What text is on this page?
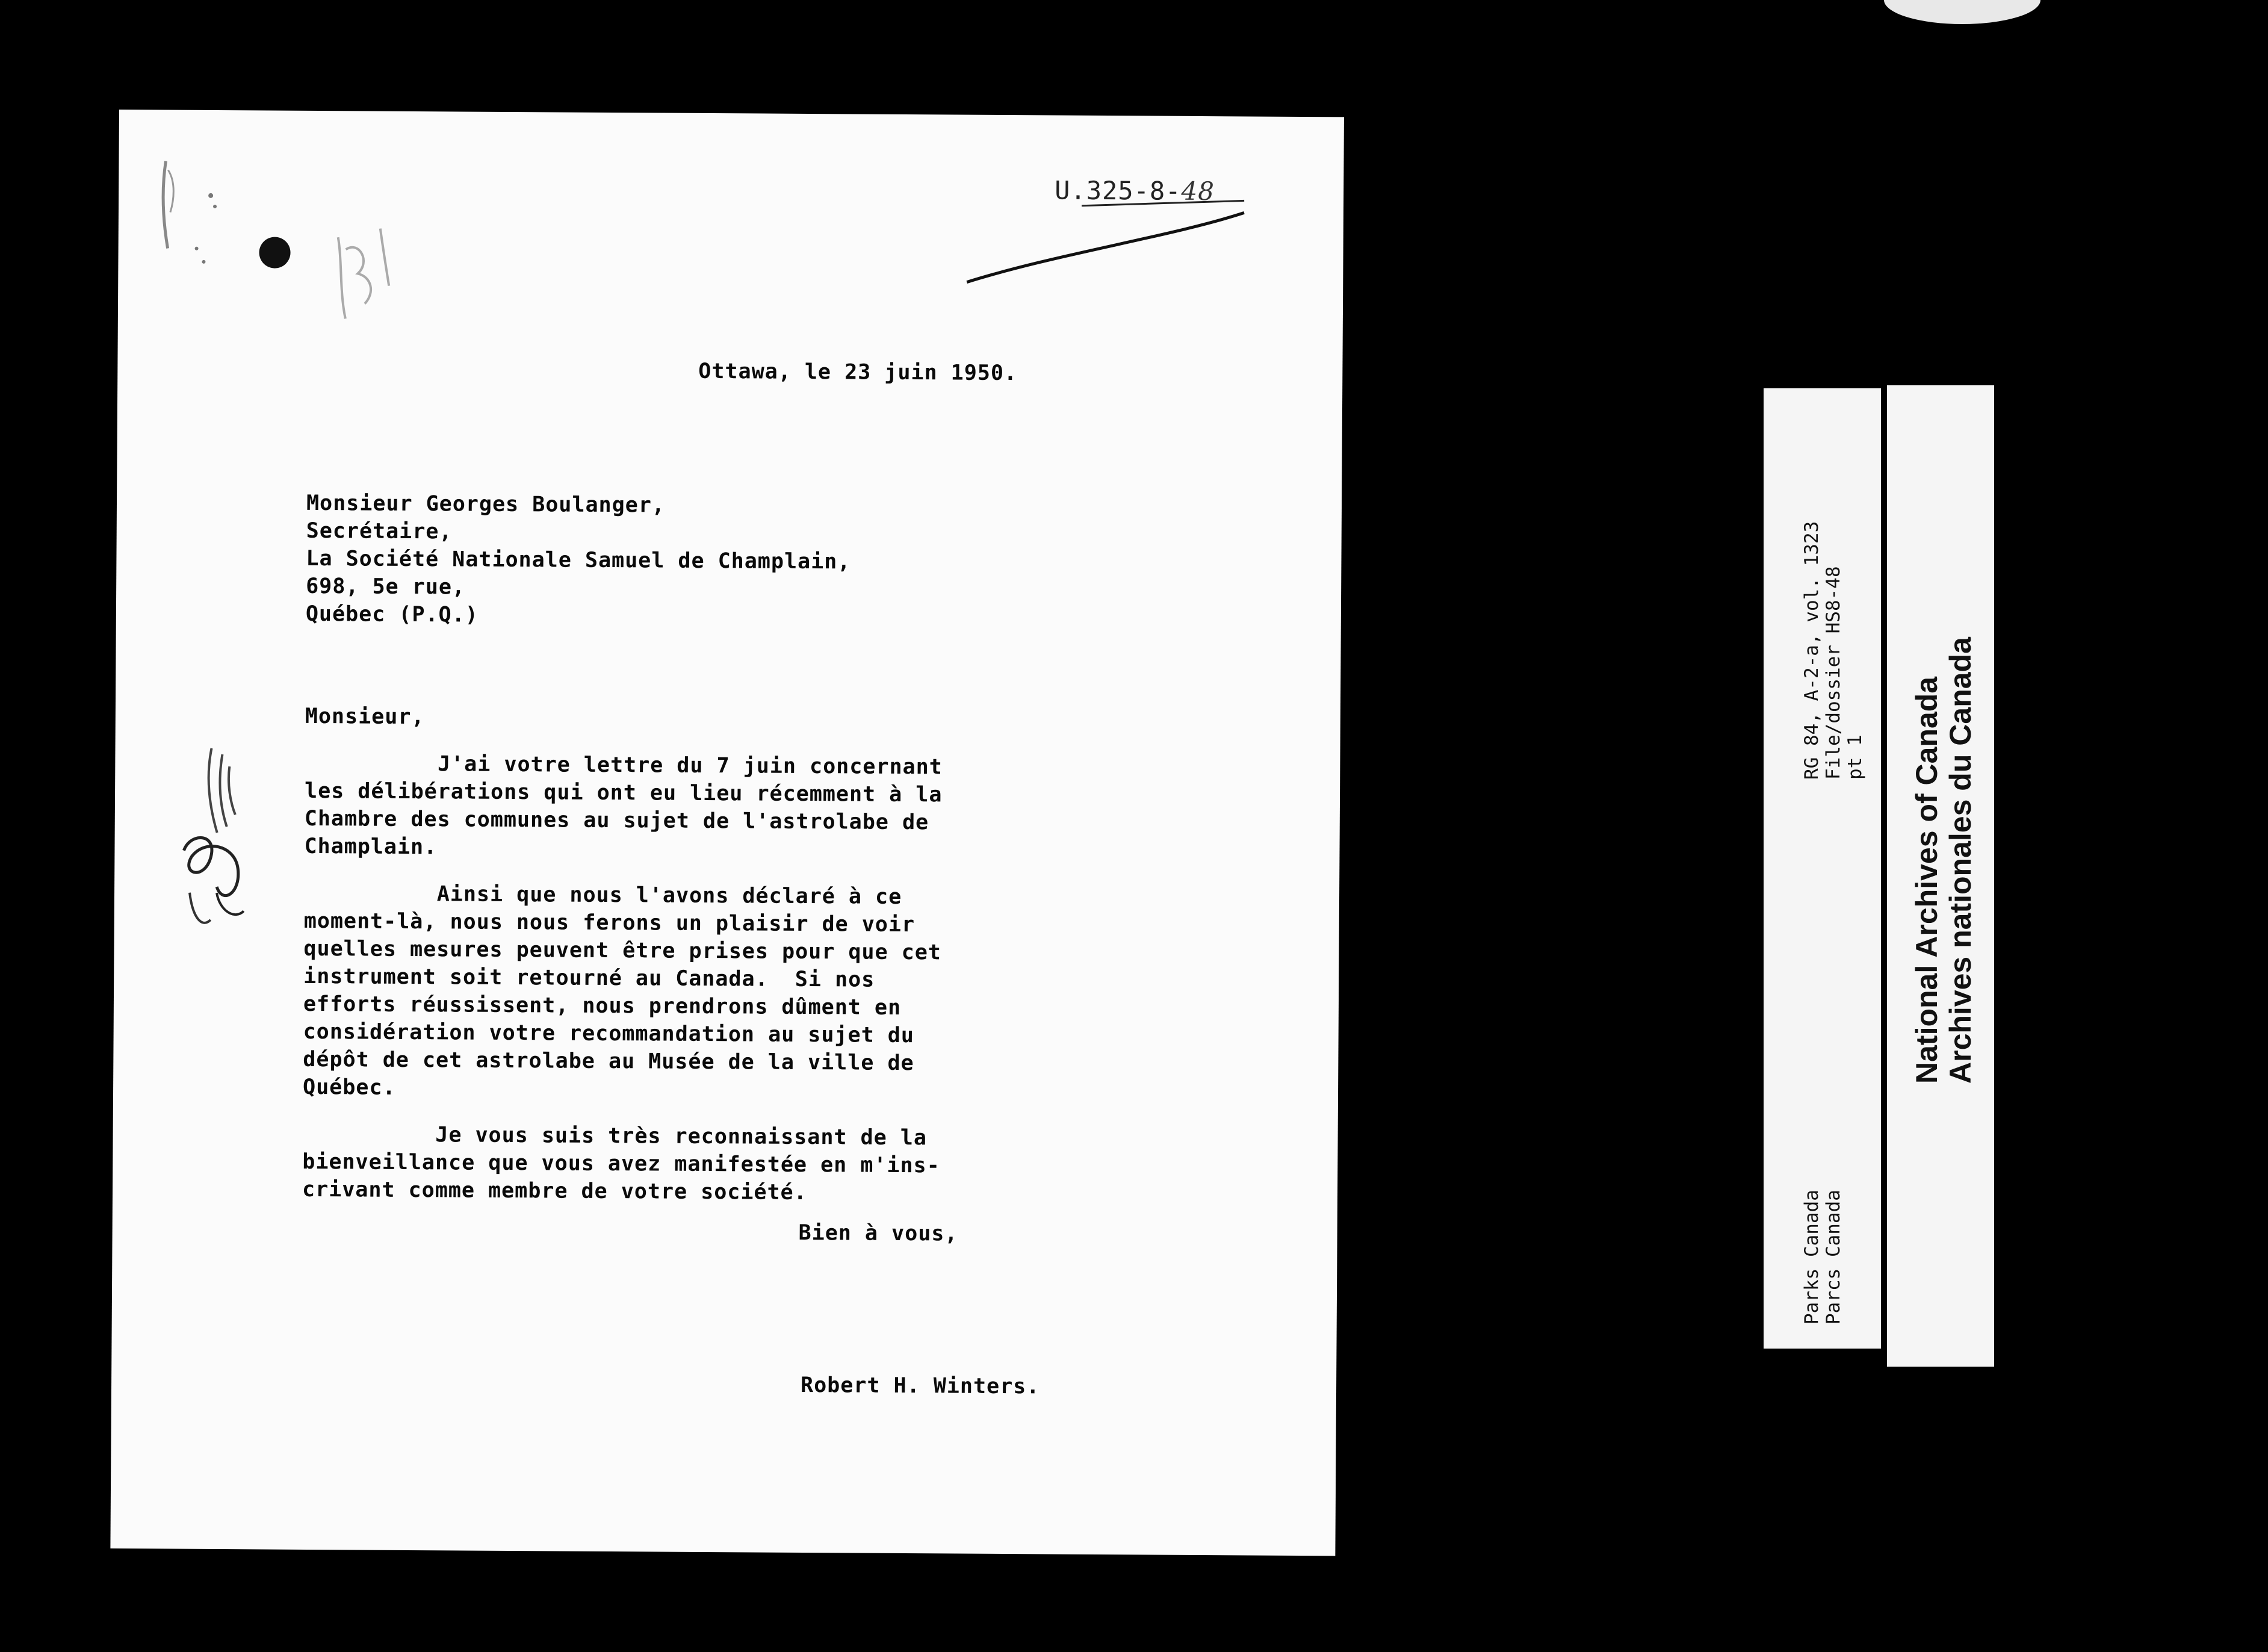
U.325-8-48
Ottawa, le 23 juin 1950.
Monsieur Georges Boulanger,
Secrétaire,
La Société Nationale Samuel de Champlain,
698, 5e rue,
Québec (P.Q.)
Monsieur,
J'ai votre lettre du 7 juin concernant
les délibérations qui ont eu lieu récemment à la
Chambre des communes au sujet de l'astrolabe de
Champlain.
Ainsi que nous l'avons déclaré à ce
moment-là, nous nous ferons un plaisir de voir
quelles mesures peuvent être prises pour que cet
instrument soit retourné au Canada.  Si nos
efforts réussissent, nous prendrons dûment en
considération votre recommandation au sujet du
dépôt de cet astrolabe au Musée de la ville de
Québec.
Je vous suis très reconnaissant de la
bienveillance que vous avez manifestée en m'ins-
crivant comme membre de votre société.
Bien à vous,
Robert H. Winters.
RG 84, A-2-a, vol. 1323 File/dossier HS8-48 pt 1
Parks Canada Parcs Canada
National Archives of Canada Archives nationales du Canada
